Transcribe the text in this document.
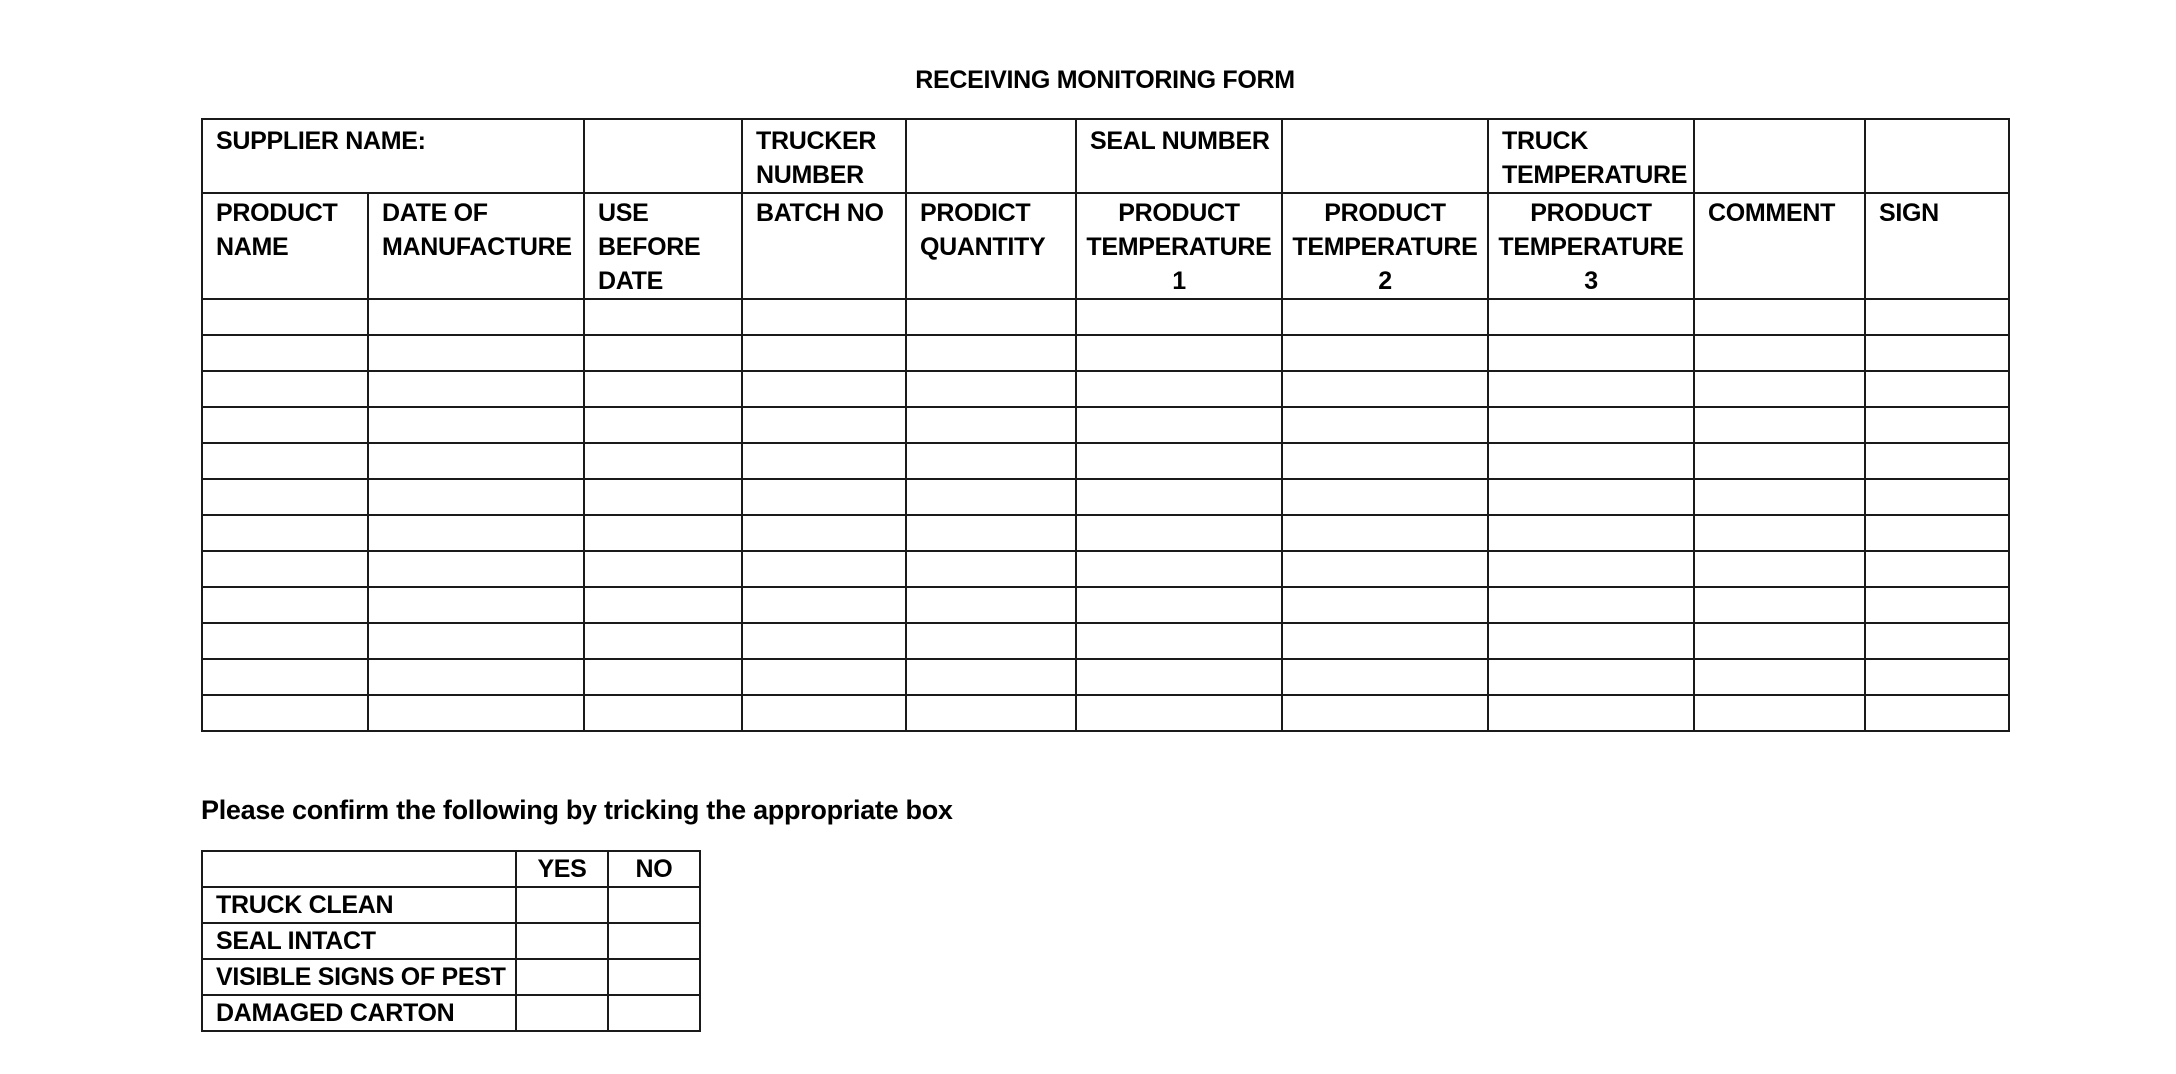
RECEIVING MONITORING FORM
SUPPLIER NAME:			TRUCKER NUMBER		SEAL NUMBER		TRUCK TEMPERATURE		

PRODUCT NAME	DATE OF MANUFACTURE	USE BEFORE DATE	BATCH NO	PRODICT QUANTITY	PRODUCT TEMPERATURE 1	PRODUCT TEMPERATURE 2	PRODUCT TEMPERATURE 3	COMMENT	SIGN

Please confirm the following by tricking the appropriate box
	YES	NO
TRUCK CLEAN		
SEAL INTACT		
VISIBLE SIGNS OF PEST		
DAMAGED CARTON		
